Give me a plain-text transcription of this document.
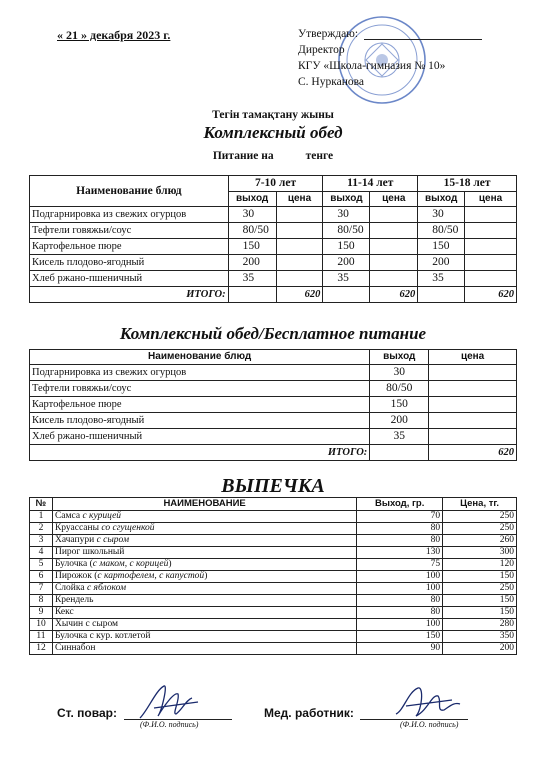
« 21 » декабря 2023 г.	Утверждаю:
Директор
КГУ «Школа-гимназия № 10»
С. Нурканова
Тегін тамақтану жыны
Комплексный обед
Питание на	тенге
Наименование блюд	7-10 лет		11-14 лет		15-18 лет	
	выход	цена	выход	цена	выход	цена
Подгарнировка из свежих огурцов	30		30		30	
Тефтели говяжьи/соус	80/50		80/50		80/50	
Картофельное пюре	150		150		150	
Кисель плодово-ягодный	200		200		200	
Хлеб ржано-пшеничный	35		35		35	
ИТОГО:		620		620		620
Комплексный обед/Бесплатное питание
Наименование блюд	выход	цена
Подгарнировка из свежих огурцов	30	
Тефтели говяжьи/соус	80/50	
Картофельное пюре	150	
Кисель плодово-ягодный	200	
Хлеб ржано-пшеничный	35	
ИТОГО:		620
ВЫПЕЧКА
№	НАИМЕНОВАНИЕ	Выход, гр.	Цена, тг.
1	Самса с курицей	70	250
2	Круассаны со сгущенкой	80	250
3	Хачапури с сыром	80	260
4	Пирог школьный	130	300
5	Булочка (с маком, с корицей)	75	120
6	Пирожок (с картофелем, с капустой)	100	150
7	Слойка с яблоком	100	250
8	Крендель	80	150
9	Кекс	80	150
10	Хычин с сыром	100	280
11	Булочка с кур. котлетой	150	350
12	Синнабон	90	200
Ст. повар:
(Ф.И.О. подпись)
Мед. работник:
(Ф.И.О. подпись)
